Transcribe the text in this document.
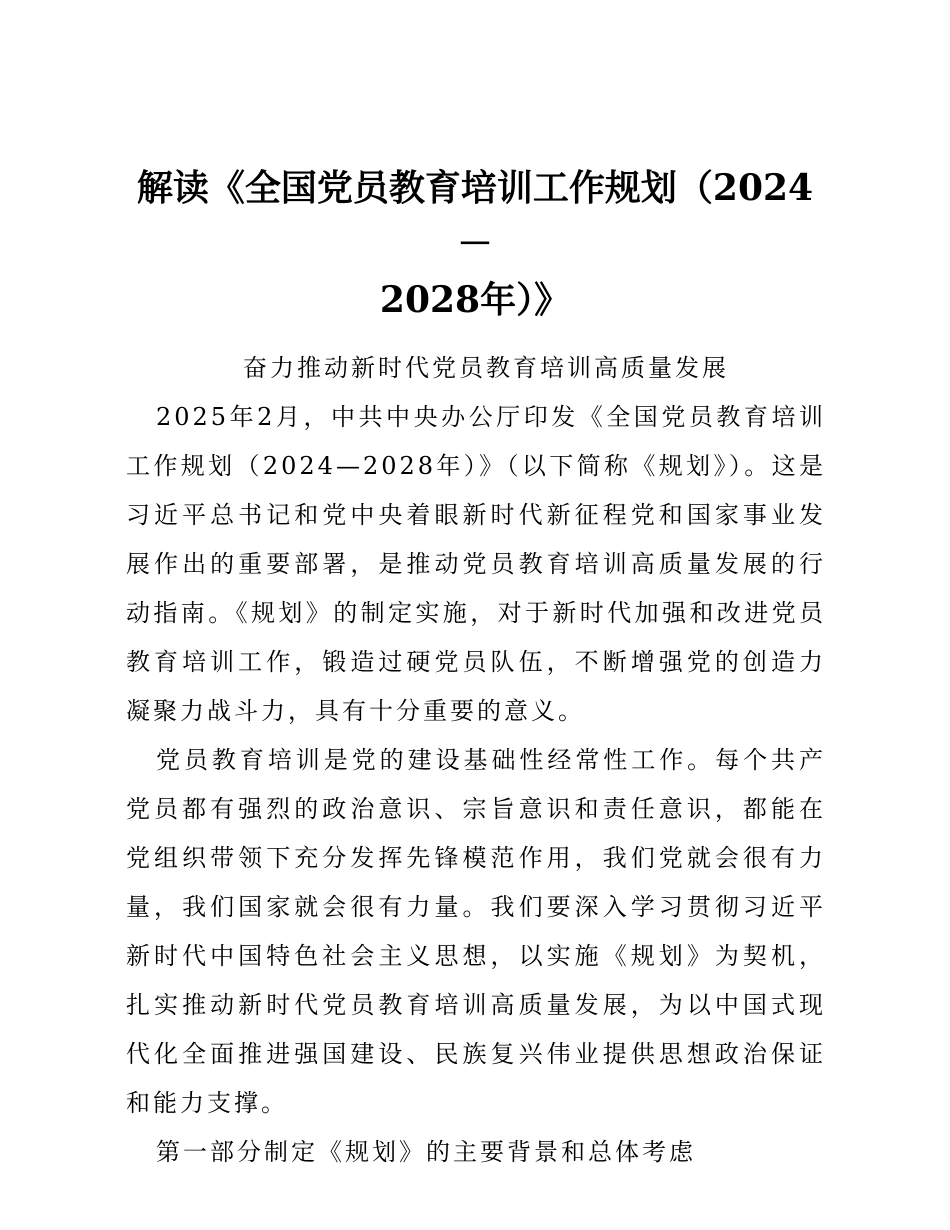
解读《全国党员教育培训工作规划（2024－
2028年）》

奋力推动新时代党员教育培训高质量发展

2025年2月，中共中央办公厅印发《全国党员教育培训工作规划（2024—2028年）》（以下简称《规划》）。这是习近平总书记和党中央着眼新时代新征程党和国家事业发展作出的重要部署，是推动党员教育培训高质量发展的行动指南。《规划》的制定实施，对于新时代加强和改进党员教育培训工作，锻造过硬党员队伍，不断增强党的创造力凝聚力战斗力，具有十分重要的意义。

党员教育培训是党的建设基础性经常性工作。每个共产党员都有强烈的政治意识、宗旨意识和责任意识，都能在党组织带领下充分发挥先锋模范作用，我们党就会很有力量，我们国家就会很有力量。我们要深入学习贯彻习近平新时代中国特色社会主义思想，以实施《规划》为契机，扎实推动新时代党员教育培训高质量发展，为以中国式现代化全面推进强国建设、民族复兴伟业提供思想政治保证和能力支撑。

第一部分制定《规划》的主要背景和总体考虑
